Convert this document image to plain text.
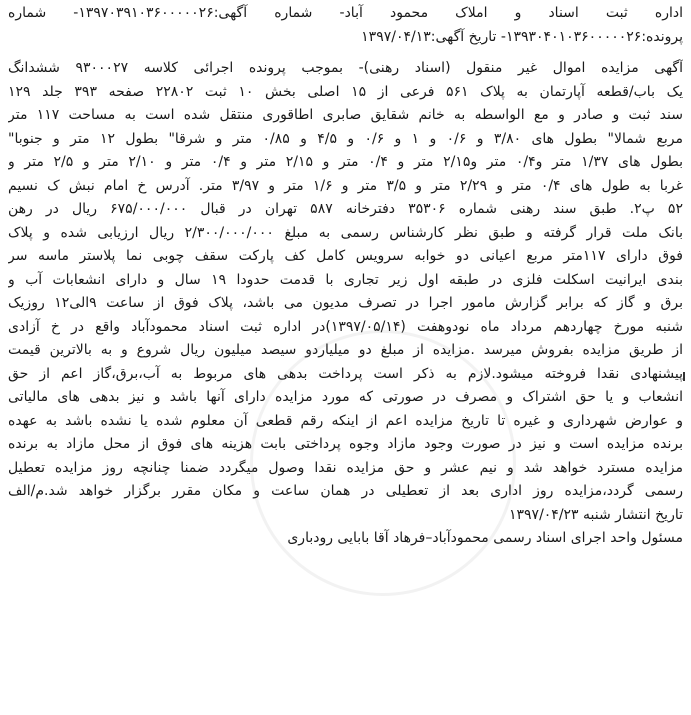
اداره ثبت اسناد و املاک محمود آباد- شماره آگهی:۱۳۹۷۰۳۹۱۰۳۶۰۰۰۰۰۲۶- شماره
پرونده:۱۳۹۳۰۴۰۱۰۳۶۰۰۰۰۰۲۶- تاریخ آگهی:۱۳۹۷/۰۴/۱۳
آگهی مزایده اموال غیر منقول (اسناد رهنی)- بموجب پرونده اجرائی کلاسه ۹۳۰۰۰۲۷ ششدانگ
یک باب/قطعه آپارتمان به پلاک ۵۶۱ فرعی از ۱۵ اصلی بخش ۱۰ ثبت ۲۲۸۰۲ صفحه ۳۹۳ جلد ۱۲۹
سند ثبت و صادر و مع الواسطه به خانم شقایق صابری اطاقوری منتقل شده است به مساحت ۱۱۷ متر
مربع شمالا" بطول های ۳/۸۰ و ۰/۶ و ۱ و ۰/۶ و ۴/۵ و ۰/۸۵ متر و شرقا" بطول ۱۲ متر و جنوبا"
بطول های ۱/۳۷ متر و۰/۴ متر و۲/۱۵ متر و ۰/۴ متر و ۲/۱۵ متر و ۰/۴ متر و ۲/۱۰ متر و ۲/۵ متر و
غربا به طول های ۰/۴ متر و ۲/۲۹ متر و ۳/۵ متر و ۱/۶ متر و ۳/۹۷ متر. آدرس خ امام نبش ک نسیم
۵۲ پ۲. طبق سند رهنی شماره ۳۵۳۰۶ دفترخانه ۵۸۷ تهران در قبال ۶۷۵/۰۰۰/۰۰۰ ریال در رهن
بانک ملت قرار گرفته و طبق نظر کارشناس رسمی به مبلغ ۲/۳۰۰/۰۰۰/۰۰۰ ریال ارزیابی شده و پلاک
فوق دارای ۱۱۷متر مربع اعیانی دو خوابه سرویس کامل کف پارکت سقف چوبی نما پلاستر ماسه سر
بندی ایرانیت اسکلت فلزی در طبقه اول زیر تجاری با قدمت حدودا ۱۹ سال و دارای انشعابات آب و
برق و گاز که برابر گزارش مامور اجرا در تصرف مدیون می باشد، پلاک فوق از ساعت ۹الی۱۲ روزیک
شنبه مورخ چهاردهم مرداد ماه نودوهفت (۱۳۹۷/۰۵/۱۴)در اداره ثبت اسناد محمودآباد واقع در خ آزادی
از طریق مزایده بفروش میرسد .مزایده از مبلغ دو میلیاردو سیصد میلیون ریال شروع و به بالاترین قیمت
پیشنهادی نقدا فروخته میشود.لازم به ذکر است پرداخت بدهی های مربوط به آب،برق،گاز اعم از حق
انشعاب و یا حق اشتراک و مصرف در صورتی که مورد مزایده دارای آنها باشد و نیز بدهی های مالیاتی
و عوارض شهرداری و غیره تا تاریخ مزایده اعم از اینکه رقم قطعی آن معلوم شده یا نشده باشد به عهده
برنده مزایده است و نیز در صورت وجود مازاد وجوه پرداختی بابت هزینه های فوق از محل مازاد به برنده
مزایده مسترد خواهد شد و نیم عشر و حق مزایده نقدا وصول میگردد ضمنا چنانچه روز مزایده تعطیل
رسمی گردد،مزایده روز اداری بعد از تعطیلی در همان ساعت و مکان مقرر برگزار خواهد شد.م/الف
تاریخ انتشار شنبه ۱۳۹۷/۰۴/۲۳
مسئول واحد اجرای اسناد رسمی محمودآباد–فرهاد آقا بابایی رودباری
